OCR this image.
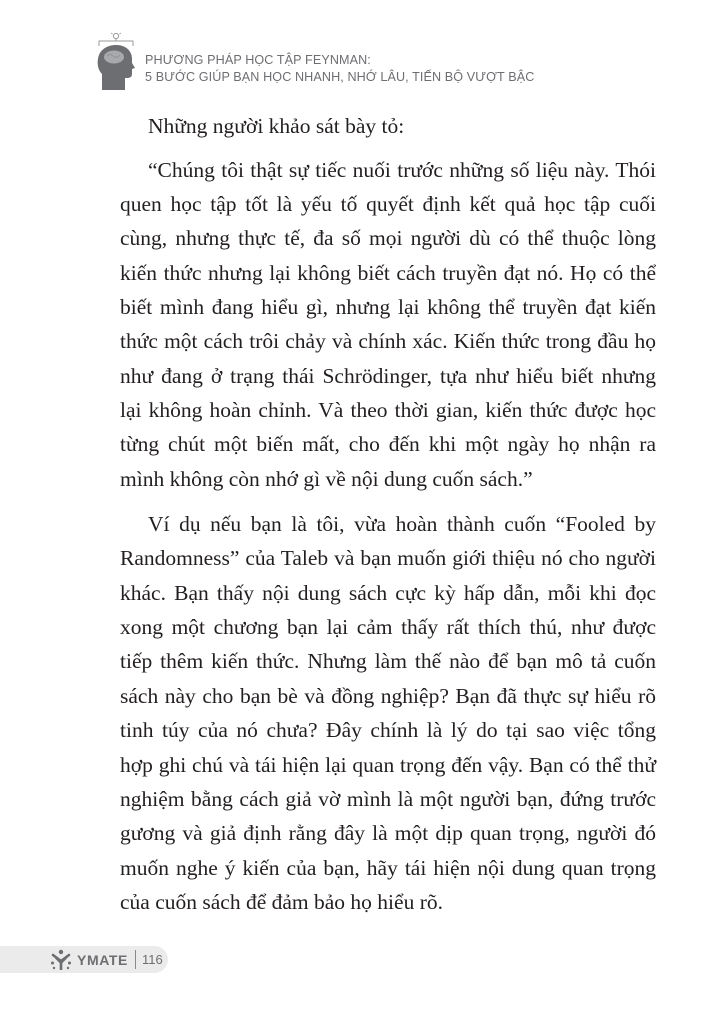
PHƯƠNG PHÁP HỌC TẬP FEYNMAN:
5 BƯỚC GIÚP BẠN HỌC NHANH, NHỚ LÂU, TIẾN BỘ VƯỢT BẬC
Những người khảo sát bày tỏ:
“Chúng tôi thật sự tiếc nuối trước những số liệu này. Thói
quen học tập tốt là yếu tố quyết định kết quả học tập cuối
cùng, nhưng thực tế, đa số mọi người dù có thể thuộc lòng
kiến thức nhưng lại không biết cách truyền đạt nó. Họ có thể
biết mình đang hiểu gì, nhưng lại không thể truyền đạt kiến
thức một cách trôi chảy và chính xác. Kiến thức trong đầu họ
như đang ở trạng thái Schrödinger, tựa như hiểu biết nhưng
lại không hoàn chỉnh. Và theo thời gian, kiến thức được học
từng chút một biến mất, cho đến khi một ngày họ nhận ra
mình không còn nhớ gì về nội dung cuốn sách.”
Ví dụ nếu bạn là tôi, vừa hoàn thành cuốn “Fooled by
Randomness” của Taleb và bạn muốn giới thiệu nó cho người
khác. Bạn thấy nội dung sách cực kỳ hấp dẫn, mỗi khi đọc
xong một chương bạn lại cảm thấy rất thích thú, như được
tiếp thêm kiến thức. Nhưng làm thế nào để bạn mô tả cuốn
sách này cho bạn bè và đồng nghiệp? Bạn đã thực sự hiểu rõ
tinh túy của nó chưa? Đây chính là lý do tại sao việc tổng
hợp ghi chú và tái hiện lại quan trọng đến vậy. Bạn có thể thử
nghiệm bằng cách giả vờ mình là một người bạn, đứng trước
gương và giả định rằng đây là một dịp quan trọng, người đó
muốn nghe ý kiến của bạn, hãy tái hiện nội dung quan trọng
của cuốn sách để đảm bảo họ hiểu rõ.
YMATE 116
